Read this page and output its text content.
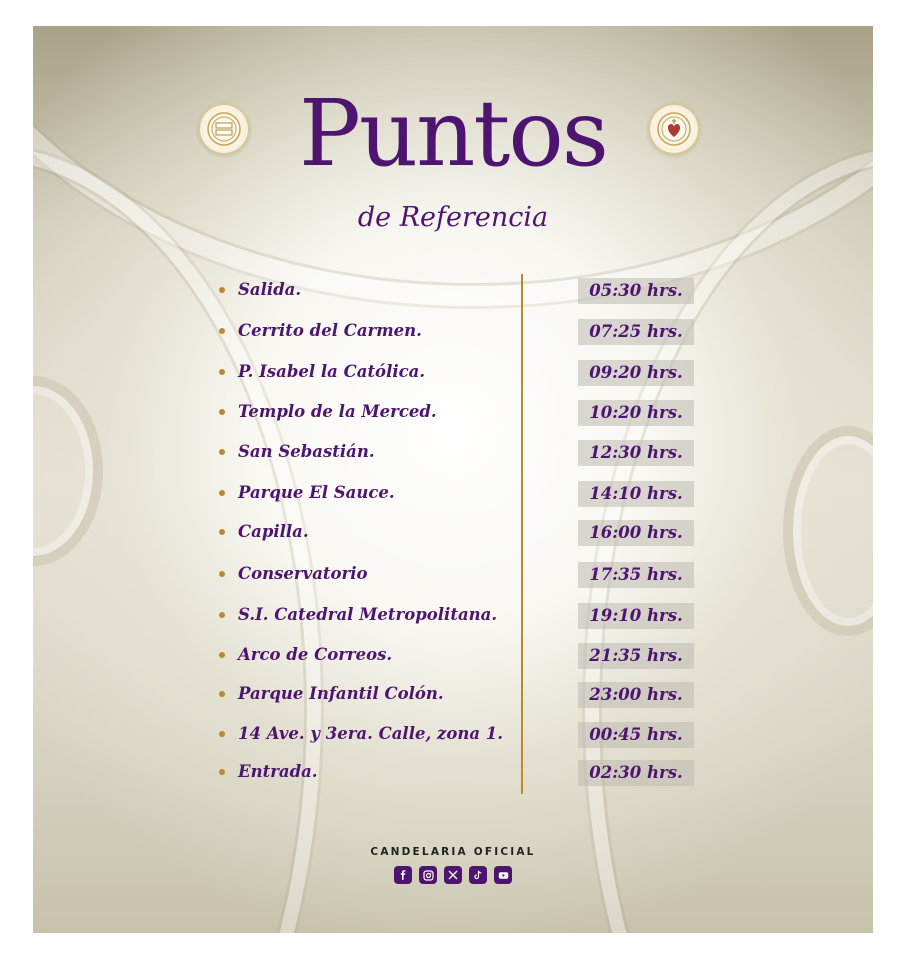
Puntos
de Referencia
Salida.	05:30 hrs.
Cerrito del Carmen.	07:25 hrs.
P. Isabel la Católica.	09:20 hrs.
Templo de la Merced.	10:20 hrs.
San Sebastián.	12:30 hrs.
Parque El Sauce.	14:10 hrs.
Capilla.	16:00 hrs.
Conservatorio	17:35 hrs.
S.I. Catedral Metropolitana.	19:10 hrs.
Arco de Correos.	21:35 hrs.
Parque Infantil Colón.	23:00 hrs.
14 Ave. y 3era. Calle, zona 1.	00:45 hrs.
Entrada.	02:30 hrs.
CANDELARIA OFICIAL
